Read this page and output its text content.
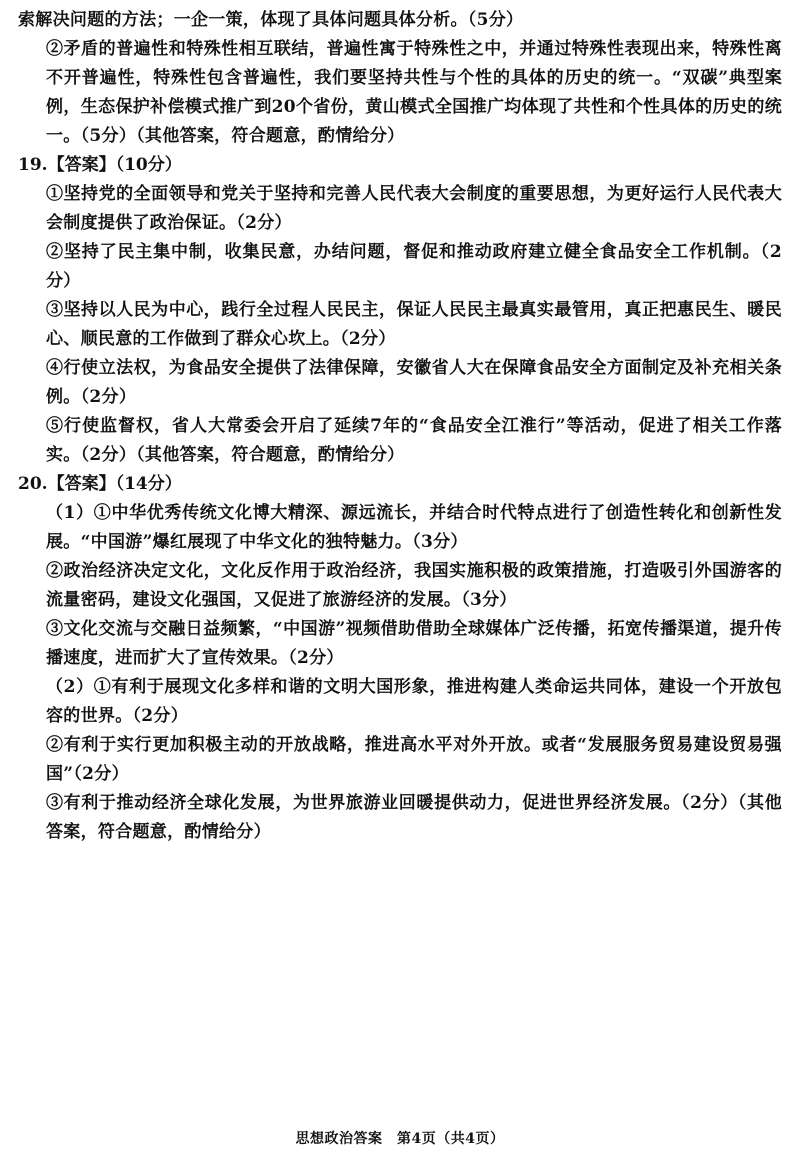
索解决问题的方法；一企一策，体现了具体问题具体分析。（5分）

②矛盾的普遍性和特殊性相互联结，普遍性寓于特殊性之中，并通过特殊性表现出来，特殊性离不开普遍性，特殊性包含普遍性，我们要坚持共性与个性的具体的历史的统一。“双碳”典型案例，生态保护补偿模式推广到20个省份，黄山模式全国推广均体现了共性和个性具体的历史的统一。（5分）（其他答案，符合题意，酌情给分）

19.【答案】（10分）

①坚持党的全面领导和党关于坚持和完善人民代表大会制度的重要思想，为更好运行人民代表大会制度提供了政治保证。（2分）

②坚持了民主集中制，收集民意，办结问题，督促和推动政府建立健全食品安全工作机制。（2分）

③坚持以人民为中心，践行全过程人民民主，保证人民民主最真实最管用，真正把惠民生、暖民心、顺民意的工作做到了群众心坎上。（2分）

④行使立法权，为食品安全提供了法律保障，安徽省人大在保障食品安全方面制定及补充相关条例。（2分）

⑤行使监督权，省人大常委会开启了延续7年的“食品安全江淮行”等活动，促进了相关工作落实。（2分）（其他答案，符合题意，酌情给分）

20.【答案】（14分）

（1）①中华优秀传统文化博大精深、源远流长，并结合时代特点进行了创造性转化和创新性发展。“中国游”爆红展现了中华文化的独特魅力。（3分）

②政治经济决定文化，文化反作用于政治经济，我国实施积极的政策措施，打造吸引外国游客的流量密码，建设文化强国，又促进了旅游经济的发展。（3分）

③文化交流与交融日益频繁，“中国游”视频借助借助全球媒体广泛传播，拓宽传播渠道，提升传播速度，进而扩大了宣传效果。（2分）

（2）①有利于展现文化多样和谐的文明大国形象，推进构建人类命运共同体，建设一个开放包容的世界。（2分）

②有利于实行更加积极主动的开放战略，推进高水平对外开放。或者“发展服务贸易建设贸易强国”（2分）

③有利于推动经济全球化发展，为世界旅游业回暖提供动力，促进世界经济发展。（2分）（其他答案，符合题意，酌情给分）

思想政治答案　第4页（共4页）
